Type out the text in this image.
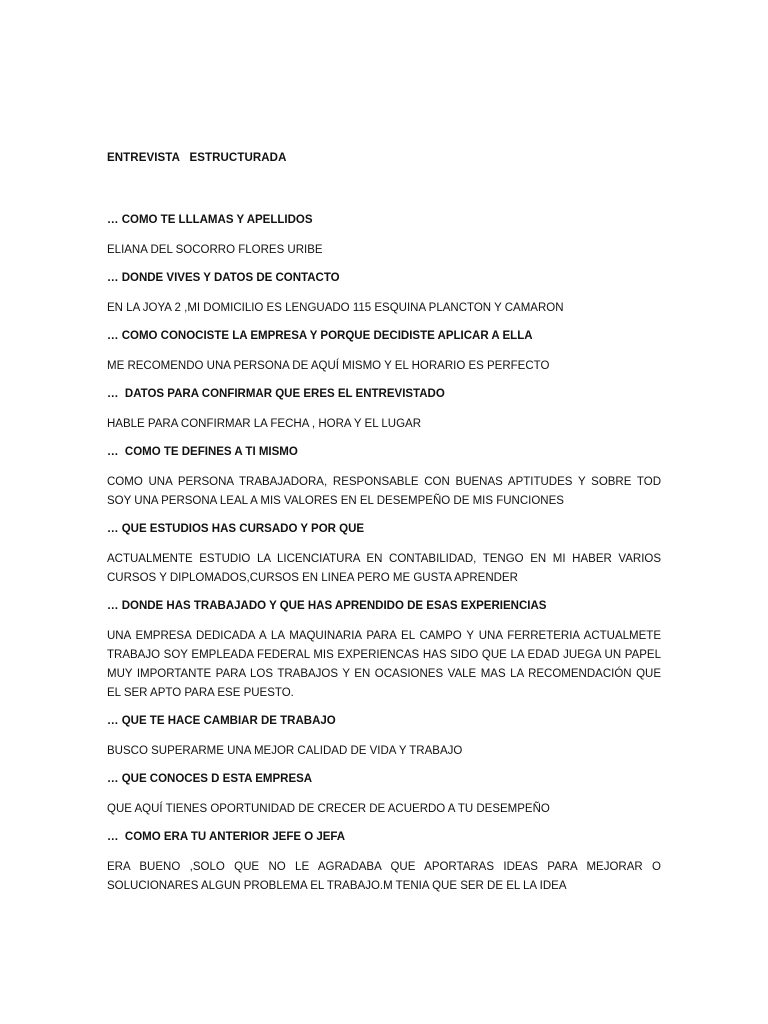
ENTREVISTA   ESTRUCTURADA
… COMO TE LLLAMAS Y APELLIDOS
ELIANA DEL SOCORRO FLORES URIBE
… DONDE VIVES Y DATOS DE CONTACTO
EN LA JOYA 2 ,MI DOMICILIO ES LENGUADO 115 ESQUINA PLANCTON Y CAMARON
… COMO CONOCISTE LA EMPRESA Y PORQUE DECIDISTE APLICAR A ELLA
ME RECOMENDO UNA PERSONA DE AQUÍ MISMO Y EL HORARIO ES PERFECTO
…  DATOS PARA CONFIRMAR QUE ERES EL ENTREVISTADO
HABLE PARA CONFIRMAR LA FECHA , HORA Y EL LUGAR
…  COMO TE DEFINES A TI MISMO
COMO UNA PERSONA TRABAJADORA, RESPONSABLE CON BUENAS APTITUDES Y SOBRE TOD SOY UNA PERSONA LEAL A MIS VALORES EN EL DESEMPEÑO DE MIS FUNCIONES
… QUE ESTUDIOS HAS CURSADO Y POR QUE
ACTUALMENTE ESTUDIO LA LICENCIATURA EN CONTABILIDAD, TENGO EN MI HABER VARIOS CURSOS Y DIPLOMADOS,CURSOS EN LINEA PERO ME GUSTA APRENDER
… DONDE HAS TRABAJADO Y QUE HAS APRENDIDO DE ESAS EXPERIENCIAS
UNA EMPRESA DEDICADA A LA MAQUINARIA PARA EL CAMPO Y UNA FERRETERIA ACTUALMETE TRABAJO SOY EMPLEADA FEDERAL MIS EXPERIENCAS HAS SIDO QUE LA EDAD JUEGA UN PAPEL MUY IMPORTANTE PARA LOS TRABAJOS Y EN OCASIONES VALE MAS LA RECOMENDACIÓN QUE EL SER APTO PARA ESE PUESTO.
… QUE TE HACE CAMBIAR DE TRABAJO
BUSCO SUPERARME UNA MEJOR CALIDAD DE VIDA Y TRABAJO
… QUE CONOCES D ESTA EMPRESA
QUE AQUÍ TIENES OPORTUNIDAD DE CRECER DE ACUERDO A TU DESEMPEÑO
…  COMO ERA TU ANTERIOR JEFE O JEFA
ERA BUENO ,SOLO QUE NO LE AGRADABA QUE APORTARAS IDEAS PARA MEJORAR O SOLUCIONARES ALGUN PROBLEMA EL TRABAJO.M TENIA QUE SER DE EL LA IDEA
